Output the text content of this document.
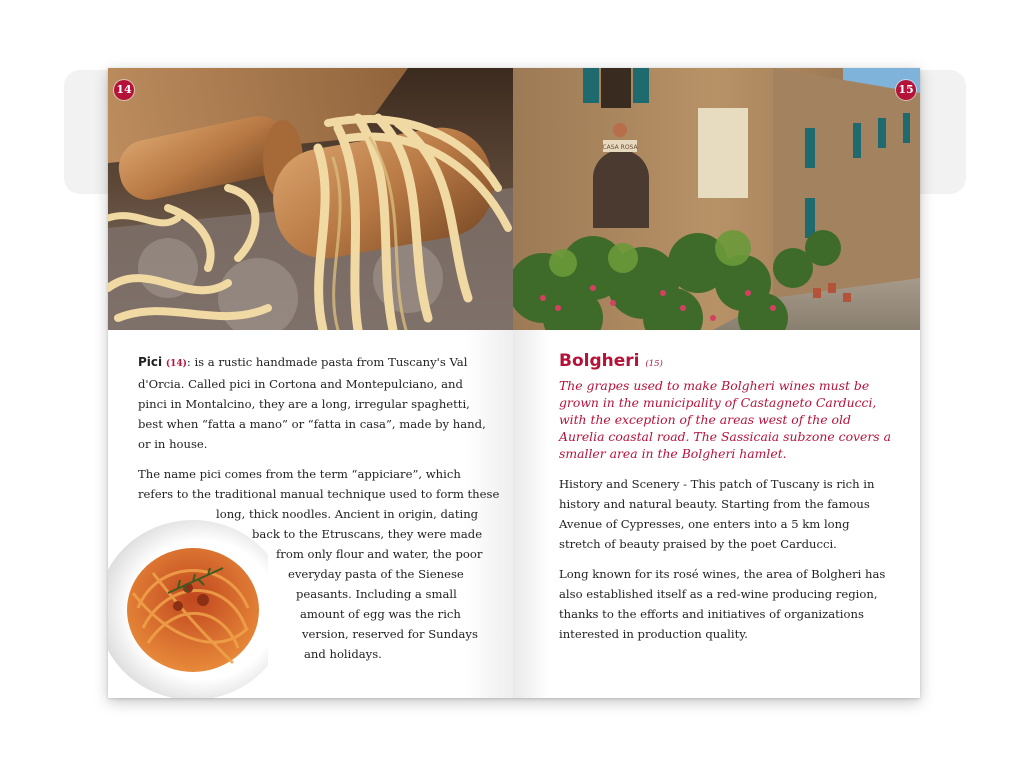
14

Pici (14): is a rustic handmade pasta from Tuscany's Val d'Orcia. Called pici in Cortona and Montepulciano, and pinci in Montalcino, they are a long, irregular spaghetti, best when “fatta a mano” or “fatta in casa”, made by hand, or in house.

The name pici comes from the term “appiciare”, which
refers to the traditional manual technique used to form these
long, thick noodles. Ancient in origin, dating
back to the Etruscans, they were made
from only flour and water, the poor
everyday pasta of the Sienese
peasants. Including a small
amount of egg was the rich
version, reserved for Sundays
and holidays.
CASA ROSA
15
Bolgheri (15)

The grapes used to make Bolgheri wines must be grown in the municipality of Castagneto Carducci, with the exception of the areas west of the old Aurelia coastal road. The Sassicaia subzone covers a smaller area in the Bolgheri hamlet.

History and Scenery - This patch of Tuscany is rich in history and natural beauty. Starting from the famous Avenue of Cypresses, one enters into a 5 km long stretch of beauty praised by the poet Carducci.

Long known for its rosé wines, the area of Bolgheri has also established itself as a red-wine producing region, thanks to the efforts and initiatives of organizations interested in production quality.
